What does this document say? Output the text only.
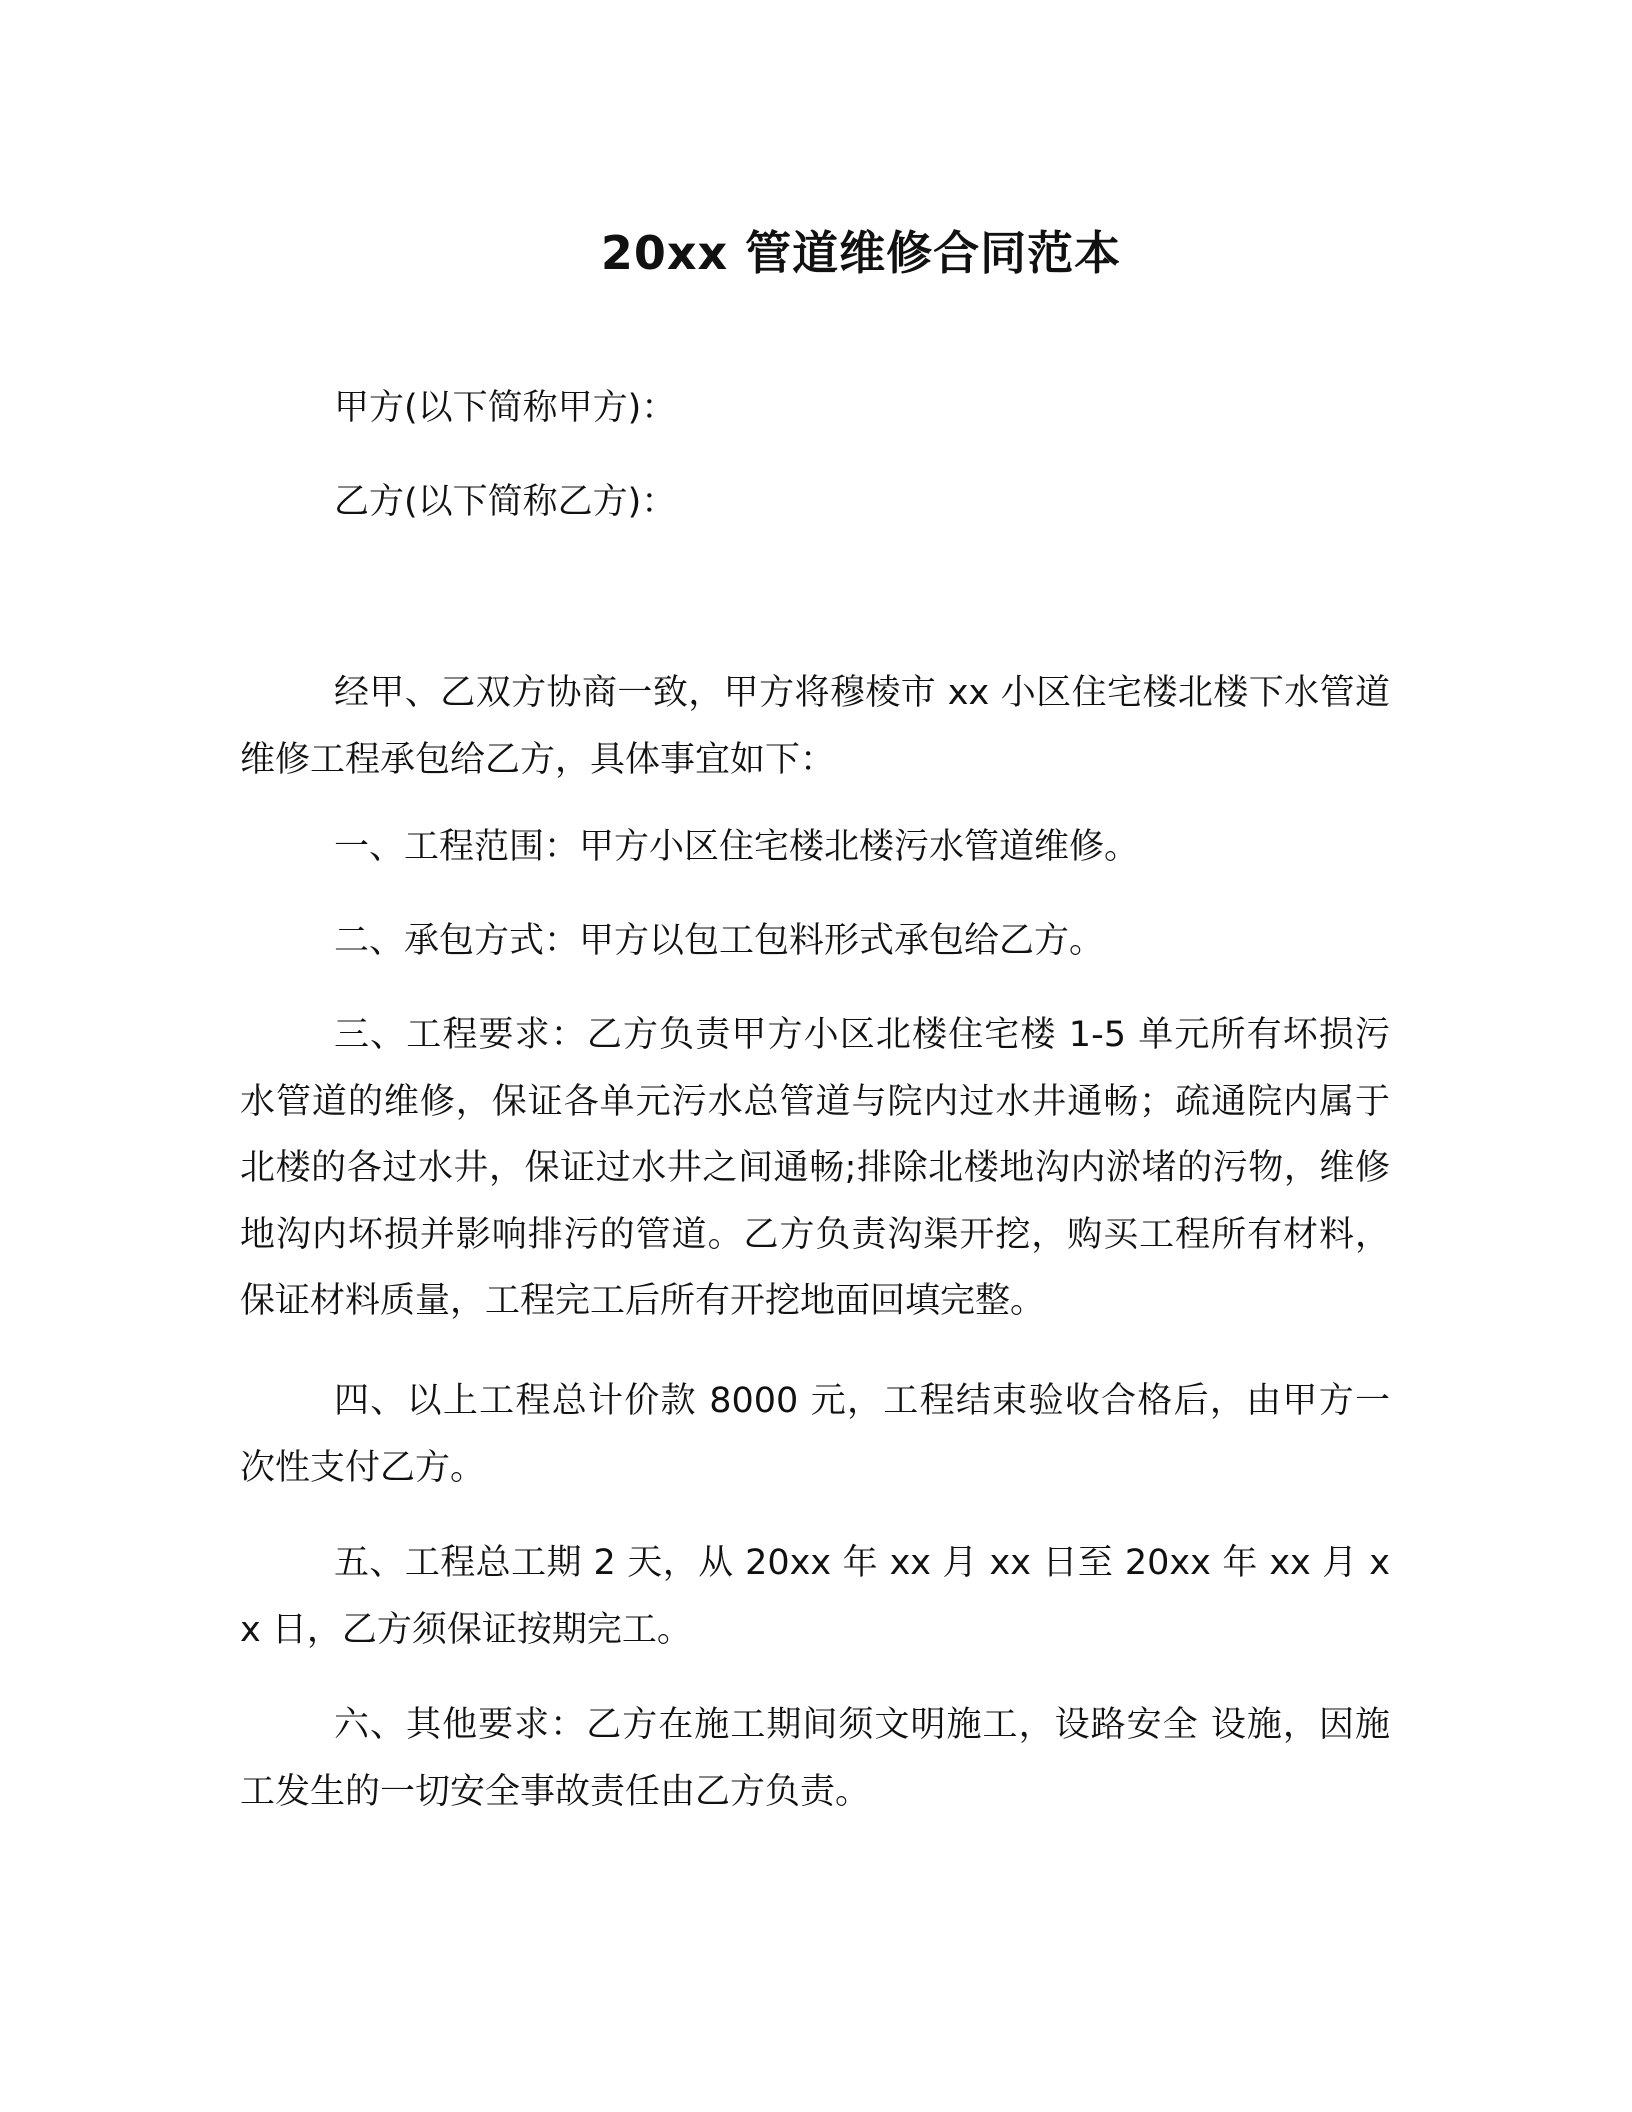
20xx 管道维修合同范本
甲方(以下简称甲方)：
乙方(以下简称乙方)：
经甲、乙双方协商一致，甲方将穆棱市 xx 小区住宅楼北楼下水管道维修工程承包给乙方，具体事宜如下：
一、工程范围：甲方小区住宅楼北楼污水管道维修。
二、承包方式：甲方以包工包料形式承包给乙方。
三、工程要求：乙方负责甲方小区北楼住宅楼 1-5 单元所有坏损污水管道的维修，保证各单元污水总管道与院内过水井通畅；疏通院内属于北楼的各过水井，保证过水井之间通畅;排除北楼地沟内淤堵的污物，维修地沟内坏损并影响排污的管道。乙方负责沟渠开挖，购买工程所有材料，保证材料质量，工程完工后所有开挖地面回填完整。
四、以上工程总计价款 8000 元，工程结束验收合格后，由甲方一次性支付乙方。
五、工程总工期 2 天，从 20xx 年 xx 月 xx 日至 20xx 年 xx 月 xx 日，乙方须保证按期完工。
六、其他要求：乙方在施工期间须文明施工，设路安全 设施，因施工发生的一切安全事故责任由乙方负责。
